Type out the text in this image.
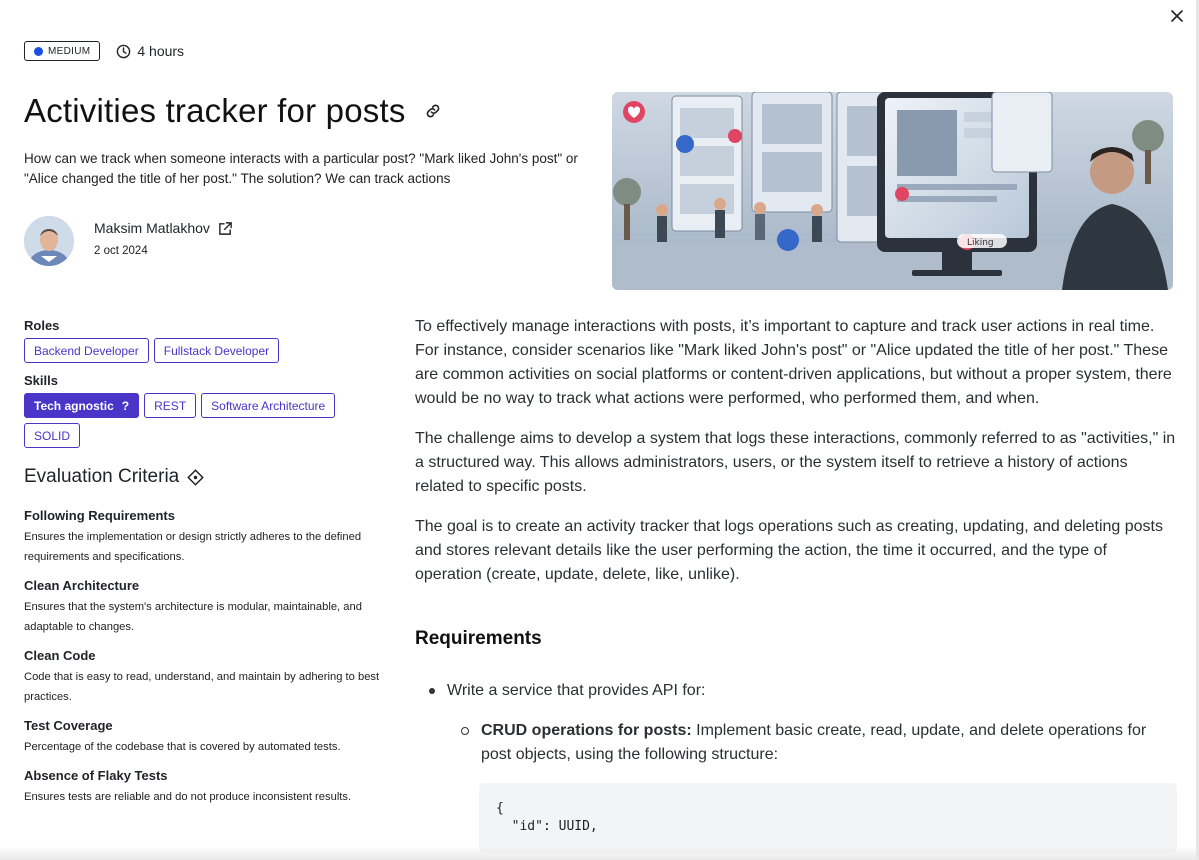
MEDIUM	4 hours
Activities tracker for posts

How can we track when someone interacts with a particular post? "Mark liked John's post" or "Alice changed the title of her post." The solution? We can track actions

Maksim Matlakhov
2 oct 2024
Liking
Roles
Backend Developer	Fullstack Developer
Skills
Tech agnostic ?	REST	Software Architecture
SOLID
Evaluation Criteria
Following Requirements
Ensures the implementation or design strictly adheres to the defined requirements and specifications.
Clean Architecture
Ensures that the system's architecture is modular, maintainable, and adaptable to changes.
Clean Code
Code that is easy to read, understand, and maintain by adhering to best practices.
Test Coverage
Percentage of the codebase that is covered by automated tests.
Absence of Flaky Tests
Ensures tests are reliable and do not produce inconsistent results.

To effectively manage interactions with posts, it’s important to capture and track user actions in real time. For instance, consider scenarios like "Mark liked John's post" or "Alice updated the title of her post." These are common activities on social platforms or content-driven applications, but without a proper system, there would be no way to track what actions were performed, who performed them, and when.

The challenge aims to develop a system that logs these interactions, commonly referred to as "activities," in a structured way. This allows administrators, users, or the system itself to retrieve a history of actions related to specific posts.

The goal is to create an activity tracker that logs operations such as creating, updating, and deleting posts and stores relevant details like the user performing the action, the time it occurred, and the type of operation (create, update, delete, like, unlike).

Requirements
Write a service that provides API for:
CRUD operations for posts: Implement basic create, read, update, and delete operations for post objects, using the following structure:
{
"id": UUID,
